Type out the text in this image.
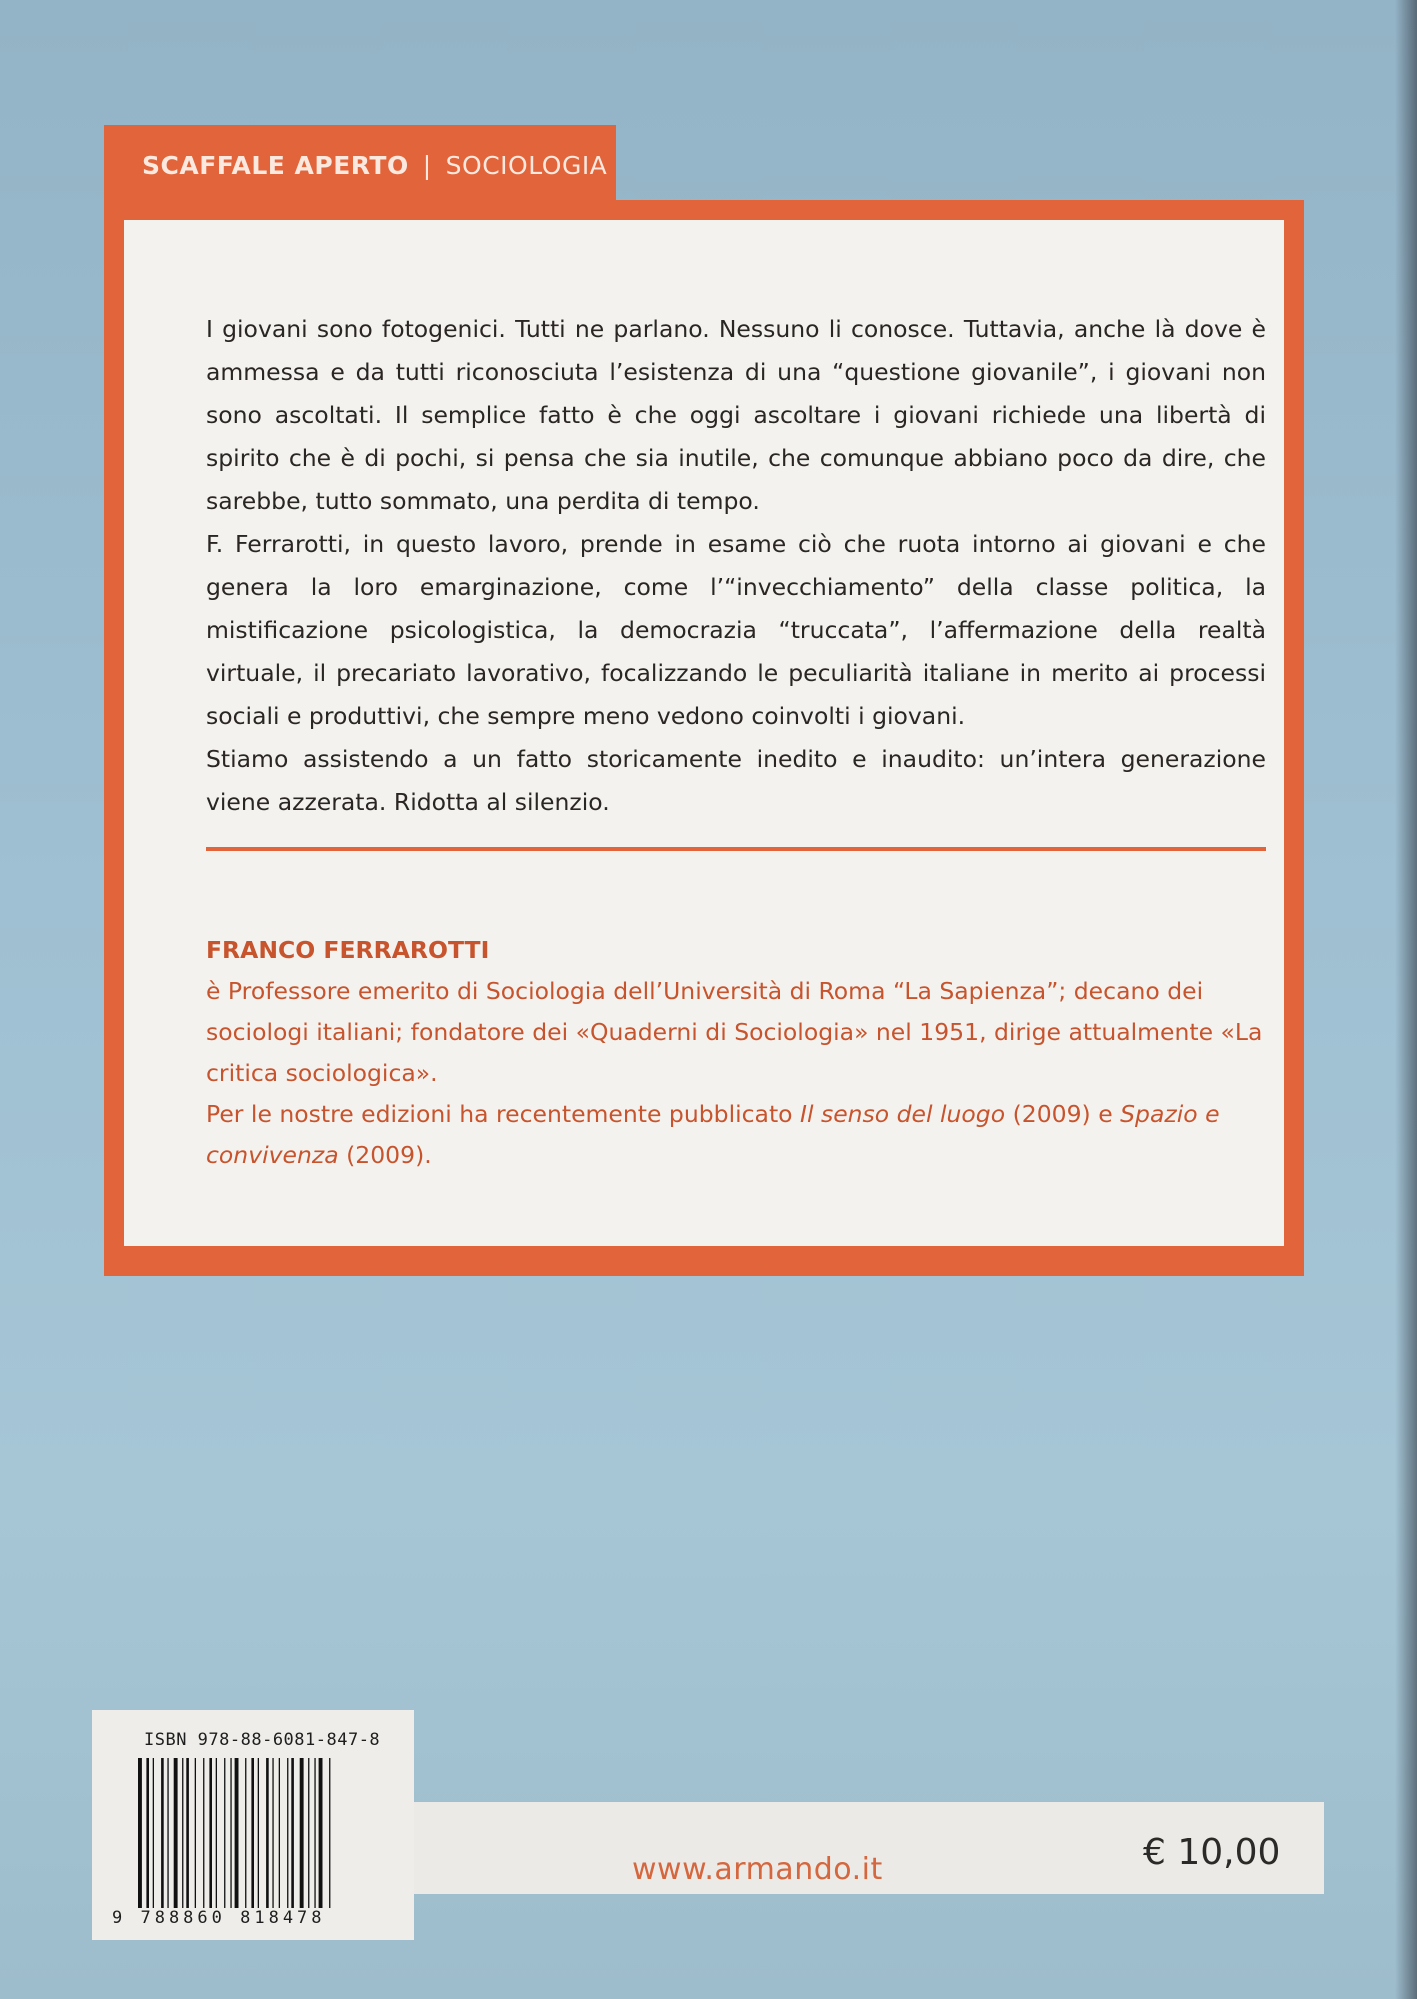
I giovani sono fotogenici. Tutti ne parlano. Nessuno li conosce. Tuttavia, anche là dove è ammessa e da tutti riconosciuta l’esistenza di una “questione giovanile”, i giovani non sono ascoltati. Il semplice fatto è che oggi ascoltare i giovani richiede una libertà di spirito che è di pochi, si pensa che sia inutile, che comunque abbiano poco da dire, che sarebbe, tutto sommato, una perdita di tempo.

F. Ferrarotti, in questo lavoro, prende in esame ciò che ruota intorno ai giovani e che genera la loro emarginazione, come l’“invecchiamento” della classe politica, la mistificazione psicologistica, la democrazia “truccata”, l’affermazione della realtà virtuale, il precariato lavorativo, focalizzando le peculiarità italiane in merito ai processi sociali e produttivi, che sempre meno vedono coinvolti i giovani.

Stiamo assistendo a un fatto storicamente inedito e inaudito: un’intera generazione viene azzerata. Ridotta al silenzio.

FRANCO FERRAROTTI

è Professore emerito di Sociologia dell’Università di Roma “La Sapienza”; decano dei sociologi italiani; fondatore dei «Quaderni di Sociologia» nel 1951, dirige attualmente «La critica sociologica».

Per le nostre edizioni ha recentemente pubblicato Il senso del luogo (2009) e Spazio e convivenza (2009).

SCAFFALE APERTO | SOCIOLOGIA
www.armando.it	€ 10,00
ISBN 978-88-6081-847-8
9 788860 818478
